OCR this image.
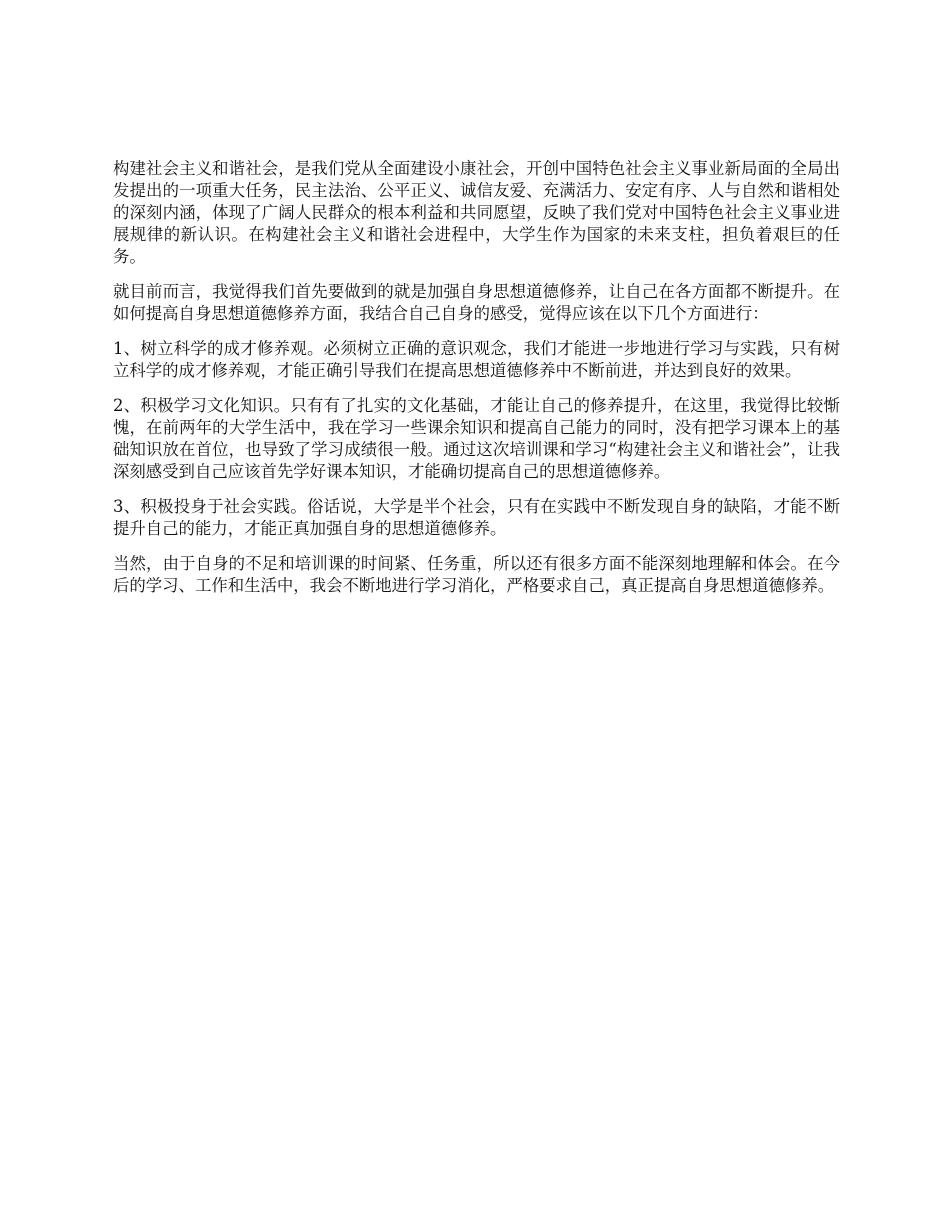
构建社会主义和谐社会，是我们党从全面建设小康社会，开创中国特色社会主义事业新局面的全局出发提出的一项重大任务，民主法治、公平正义、诚信友爱、充满活力、安定有序、人与自然和谐相处的深刻内涵，体现了广阔人民群众的根本利益和共同愿望，反映了我们党对中国特色社会主义事业进展规律的新认识。在构建社会主义和谐社会进程中，大学生作为国家的未来支柱，担负着艰巨的任务。

就目前而言，我觉得我们首先要做到的就是加强自身思想道德修养，让自己在各方面都不断提升。在如何提高自身思想道德修养方面，我结合自己自身的感受，觉得应该在以下几个方面进行：

1、树立科学的成才修养观。必须树立正确的意识观念，我们才能进一步地进行学习与实践，只有树立科学的成才修养观，才能正确引导我们在提高思想道德修养中不断前进，并达到良好的效果。

2、积极学习文化知识。只有有了扎实的文化基础，才能让自己的修养提升，在这里，我觉得比较惭愧，在前两年的大学生活中，我在学习一些课余知识和提高自己能力的同时，没有把学习课本上的基础知识放在首位，也导致了学习成绩很一般。通过这次培训课和学习“构建社会主义和谐社会”，让我深刻感受到自己应该首先学好课本知识，才能确切提高自己的思想道德修养。

3、积极投身于社会实践。俗话说，大学是半个社会，只有在实践中不断发现自身的缺陷，才能不断提升自己的能力，才能正真加强自身的思想道德修养。

当然，由于自身的不足和培训课的时间紧、任务重，所以还有很多方面不能深刻地理解和体会。在今后的学习、工作和生活中，我会不断地进行学习消化，严格要求自己，真正提高自身思想道德修养。
